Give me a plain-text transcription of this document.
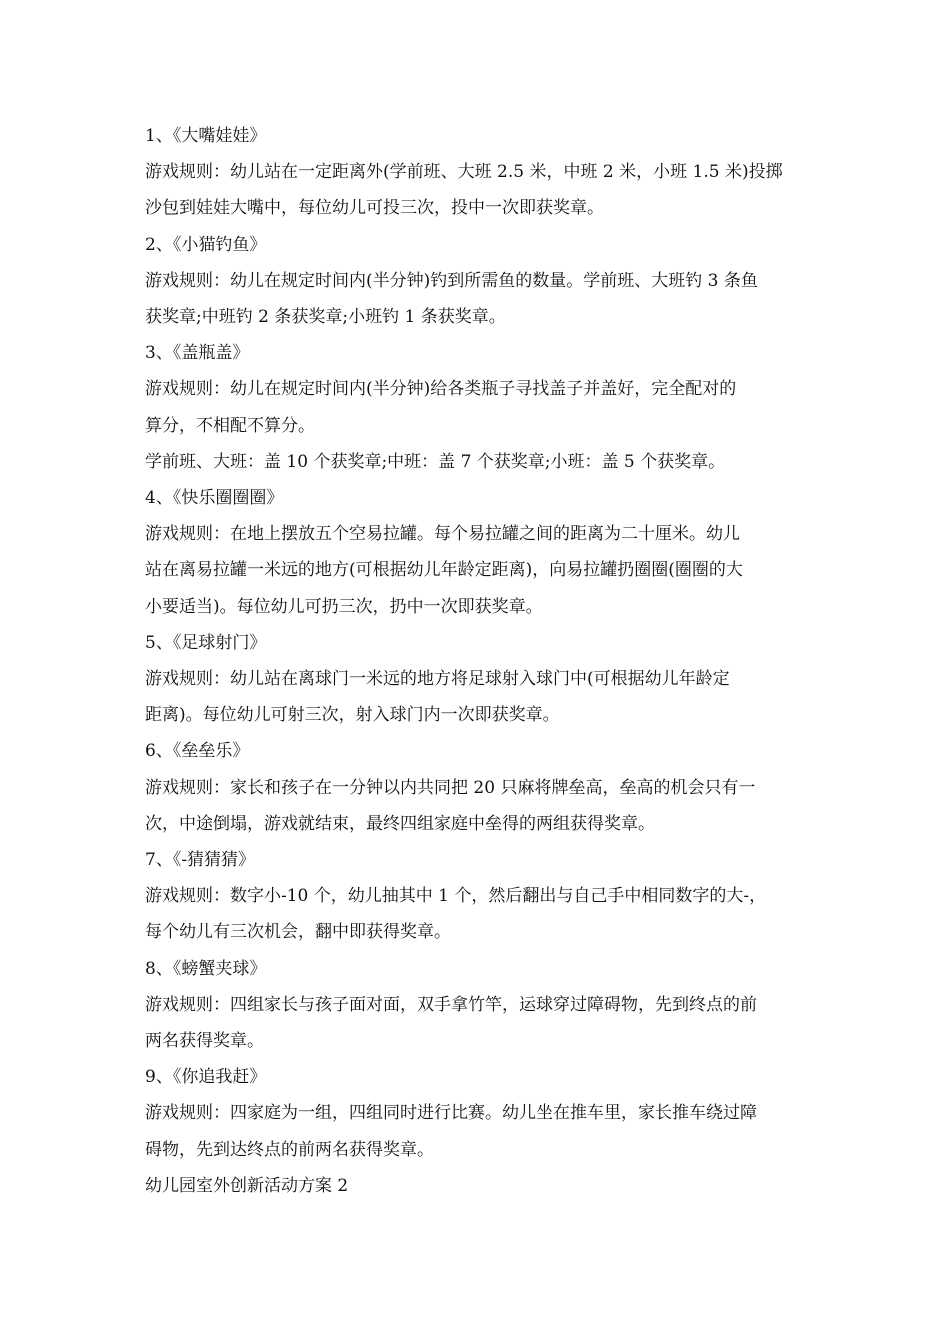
1、《大嘴娃娃》
游戏规则：幼儿站在一定距离外(学前班、大班 2.5 米，中班 2 米，小班 1.5 米)投掷
沙包到娃娃大嘴中，每位幼儿可投三次，投中一次即获奖章。
2、《小猫钓鱼》
游戏规则：幼儿在规定时间内(半分钟)钓到所需鱼的数量。学前班、大班钓 3 条鱼
获奖章;中班钓 2 条获奖章;小班钓 1 条获奖章。
3、《盖瓶盖》
游戏规则：幼儿在规定时间内(半分钟)给各类瓶子寻找盖子并盖好，完全配对的
算分，不相配不算分。
学前班、大班：盖 10 个获奖章;中班：盖 7 个获奖章;小班：盖 5 个获奖章。
4、《快乐圈圈圈》
游戏规则：在地上摆放五个空易拉罐。每个易拉罐之间的距离为二十厘米。幼儿
站在离易拉罐一米远的地方(可根据幼儿年龄定距离)，向易拉罐扔圈圈(圈圈的大
小要适当)。每位幼儿可扔三次，扔中一次即获奖章。
5、《足球射门》
游戏规则：幼儿站在离球门一米远的地方将足球射入球门中(可根据幼儿年龄定
距离)。每位幼儿可射三次，射入球门内一次即获奖章。
6、《垒垒乐》
游戏规则：家长和孩子在一分钟以内共同把 20 只麻将牌垒高，垒高的机会只有一
次，中途倒塌，游戏就结束，最终四组家庭中垒得的两组获得奖章。
7、《-猜猜猜》
游戏规则：数字小-10 个，幼儿抽其中 1 个，然后翻出与自己手中相同数字的大-，
每个幼儿有三次机会，翻中即获得奖章。
8、《螃蟹夹球》
游戏规则：四组家长与孩子面对面，双手拿竹竿，运球穿过障碍物，先到终点的前
两名获得奖章。
9、《你追我赶》
游戏规则：四家庭为一组，四组同时进行比赛。幼儿坐在推车里，家长推车绕过障
碍物，先到达终点的前两名获得奖章。
幼儿园室外创新活动方案 2
